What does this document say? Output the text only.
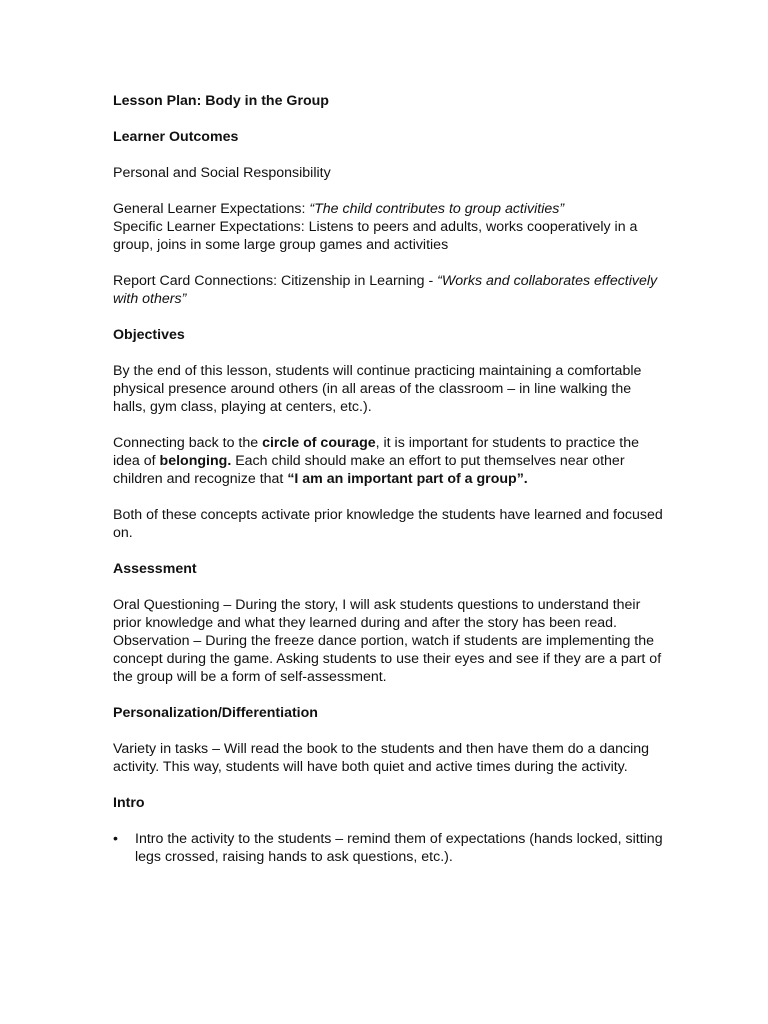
Lesson Plan: Body in the Group
Learner Outcomes

Personal and Social Responsibility

General Learner Expectations: “The child contributes to group activities”

Specific Learner Expectations: Listens to peers and adults, works cooperatively in a group, joins in some large group games and activities

Report Card Connections: Citizenship in Learning - “Works and collaborates effectively with others”

Objectives

By the end of this lesson, students will continue practicing maintaining a comfortable physical presence around others (in all areas of the classroom – in line walking the halls, gym class, playing at centers, etc.).

Connecting back to the circle of courage, it is important for students to practice the idea of belonging. Each child should make an effort to put themselves near other children and recognize that “I am an important part of a group”.

Both of these concepts activate prior knowledge the students have learned and focused on.

Assessment

Oral Questioning – During the story, I will ask students questions to understand their prior knowledge and what they learned during and after the story has been read.

Observation – During the freeze dance portion, watch if students are implementing the concept during the game. Asking students to use their eyes and see if they are a part of the group will be a form of self-assessment.

Personalization/Differentiation

Variety in tasks – Will read the book to the students and then have them do a dancing activity. This way, students will have both quiet and active times during the activity.

Intro
• Intro the activity to the students – remind them of expectations (hands locked, sitting legs crossed, raising hands to ask questions, etc.).
